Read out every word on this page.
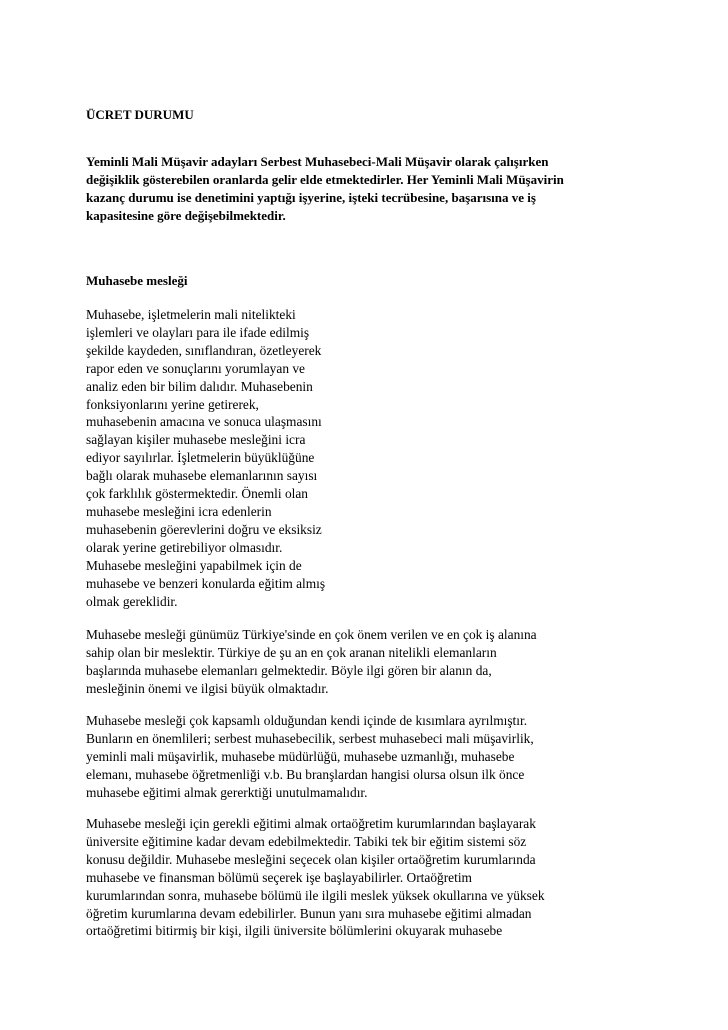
ÜCRET DURUMU

Yeminli Mali Müşavir adayları Serbest Muhasebeci-Mali Müşavir olarak çalışırken
değişiklik gösterebilen oranlarda gelir elde etmektedirler. Her Yeminli Mali Müşavirin
kazanç durumu ise denetimini yaptığı işyerine, işteki tecrübesine, başarısına ve iş
kapasitesine göre değişebilmektedir.

Muhasebe mesleği

Muhasebe, işletmelerin mali nitelikteki
işlemleri ve olayları para ile ifade edilmiş
şekilde kaydeden, sınıflandıran, özetleyerek
rapor eden ve sonuçlarını yorumlayan ve
analiz eden bir bilim dalıdır. Muhasebenin
fonksiyonlarını yerine getirerek,
muhasebenin amacına ve sonuca ulaşmasını
sağlayan kişiler muhasebe mesleğini icra
ediyor sayılırlar. İşletmelerin büyüklüğüne
bağlı olarak muhasebe elemanlarının sayısı
çok farklılık göstermektedir. Önemli olan
muhasebe mesleğini icra edenlerin
muhasebenin göerevlerini doğru ve eksiksiz
olarak yerine getirebiliyor olmasıdır.
Muhasebe mesleğini yapabilmek için de
muhasebe ve benzeri konularda eğitim almış
olmak gereklidir.

Muhasebe mesleği günümüz Türkiye'sinde en çok önem verilen ve en çok iş alanına
sahip olan bir meslektir. Türkiye de şu an en çok aranan nitelikli elemanların
başlarında muhasebe elemanları gelmektedir. Böyle ilgi gören bir alanın da,
mesleğinin önemi ve ilgisi büyük olmaktadır.

Muhasebe mesleği çok kapsamlı olduğundan kendi içinde de kısımlara ayrılmıştır.
Bunların en önemlileri; serbest muhasebecilik, serbest muhasebeci mali müşavirlik,
yeminli mali müşavirlik, muhasebe müdürlüğü, muhasebe uzmanlığı, muhasebe
elemanı, muhasebe öğretmenliği v.b. Bu branşlardan hangisi olursa olsun ilk önce
muhasebe eğitimi almak gererktiği unutulmamalıdır.

Muhasebe mesleği için gerekli eğitimi almak ortaöğretim kurumlarından başlayarak
üniversite eğitimine kadar devam edebilmektedir. Tabiki tek bir eğitim sistemi söz
konusu değildir. Muhasebe mesleğini seçecek olan kişiler ortaöğretim kurumlarında
muhasebe ve finansman bölümü seçerek işe başlayabilirler. Ortaöğretim
kurumlarından sonra, muhasebe bölümü ile ilgili meslek yüksek okullarına ve yüksek
öğretim kurumlarına devam edebilirler. Bunun yanı sıra muhasebe eğitimi almadan
ortaöğretimi bitirmiş bir kişi, ilgili üniversite bölümlerini okuyarak muhasebe
